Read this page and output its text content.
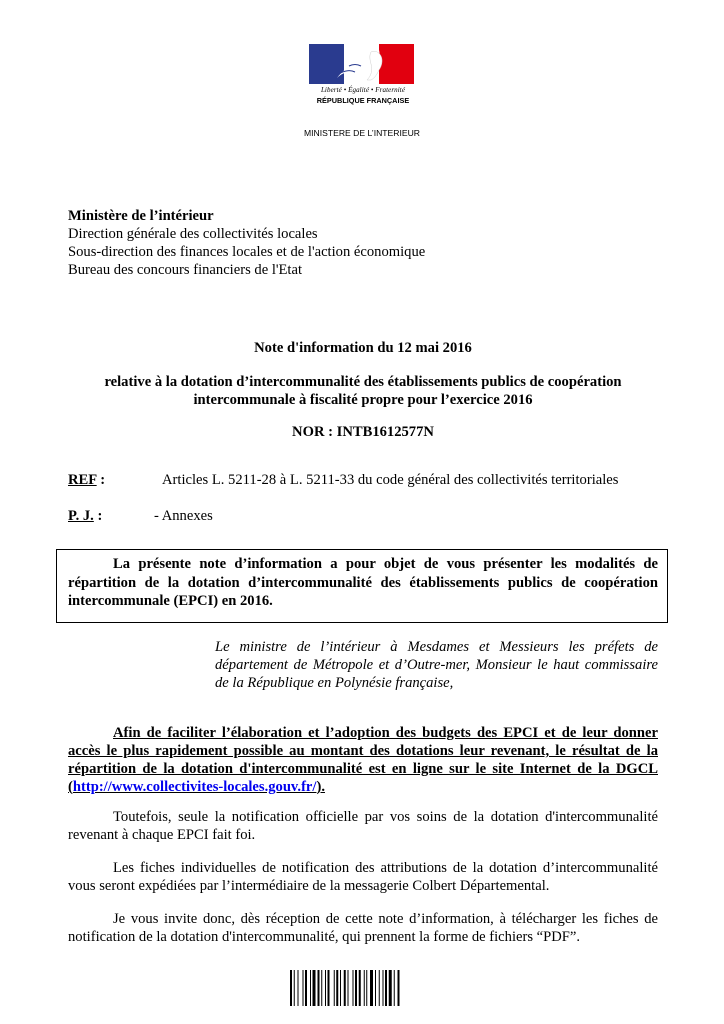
Liberté • Égalité • Fraternité
RÉPUBLIQUE FRANÇAISE
MINISTERE DE L’INTERIEUR
Ministère de l’intérieur
Direction générale des collectivités locales
Sous-direction des finances locales et de l'action économique
Bureau des concours financiers de l'Etat
Note d'information du 12 mai 2016
relative à la dotation d’intercommunalité des établissements publics de coopération
intercommunale à fiscalité propre pour l’exercice 2016
NOR : INTB1612577N
REF :	Articles L. 5211-28 à L. 5211-33 du code général des collectivités territoriales
P. J. :	- Annexes
La présente note d’information a pour objet de vous présenter les modalités de répartition de la dotation d’intercommunalité des établissements publics de coopération intercommunale (EPCI) en 2016.
Le ministre de l’intérieur à Mesdames et Messieurs les préfets de département de Métropole et d’Outre-mer, Monsieur le haut commissaire de la République en Polynésie française,
Afin de faciliter l’élaboration et l’adoption des budgets des EPCI et de leur donner accès le plus rapidement possible au montant des dotations leur revenant, le résultat de la répartition de la dotation d'intercommunalité est en ligne sur le site Internet de la DGCL (http://www.collectivites-locales.gouv.fr/).
Toutefois, seule la notification officielle par vos soins de la dotation d'intercommunalité revenant à chaque EPCI fait foi.
Les fiches individuelles de notification des attributions de la dotation d’intercommunalité vous seront expédiées par l’intermédiaire de la messagerie Colbert Départemental.
Je vous invite donc, dès réception de cette note d’information, à télécharger les fiches de notification de la dotation d'intercommunalité, qui prennent la forme de fichiers “PDF”.
